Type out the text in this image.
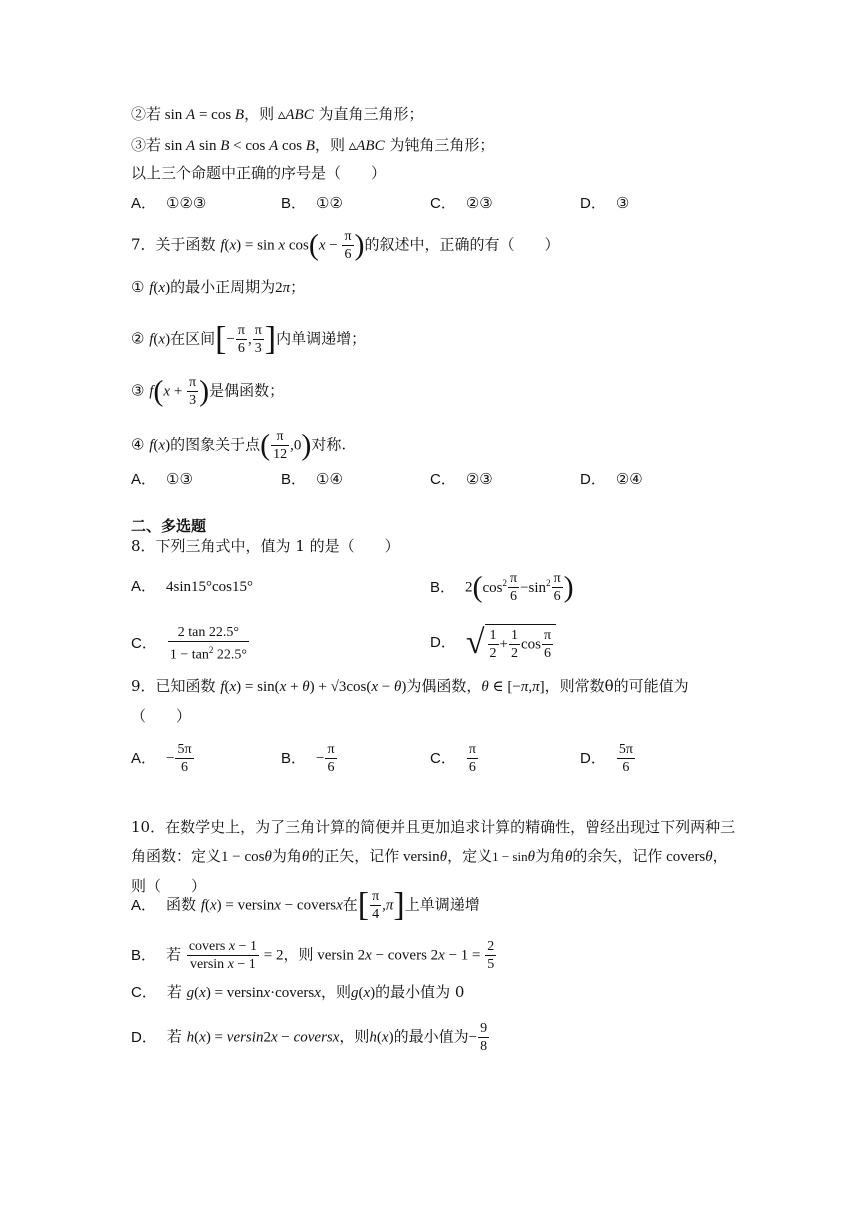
②若 sin A = cos B，则 ▵ABC 为直角三角形；
③若 sin A sin B < cos A cos B，则 ▵ABC 为钝角三角形；
以上三个命题中正确的序号是（　　）
A． ①②③	B． ①②	C． ②③	D． ③
7．关于函数 f(x) = sin x $\cos(x - \frac{\pi}{6}$ )的叙述中，正确的有（　　）
① f(x)的最小正周期为2π；
② f(x)在区间[− $\frac{\pi}{6}$ , $\frac{\pi}{3}$ ]内单调递增；
③ $f(x + \frac{\pi}{3}$ )是偶函数；
④ f(x)的图象关于点( $\frac{\pi}{12} ,0$)对称.
A． ①③	B． ①④	C． ②③	D． ②④
二、多选题
8．下列三角式中，值为 1 的是（　　）
A． 4sin15°cos15°	B． $2(\cos^2 \frac{\pi}{6} -\sin^2 \frac{\pi}{6}$ )
C． $\frac{2 \tan 22.5^\circ}{1 - \tan^2 22.5^\circ}$	D． √ $\frac{1}{2} + \frac{1}{2}$ $\cos \frac{\pi}{6}$
9．已知函数 f(x) = sin(x + θ) + √3cos(x − θ)为偶函数，θ ∈ [−π,π]，则常数θ的可能值为
（　　）
A． − $\frac{5\pi}{6}$	B． − $\frac{\pi}{6}$	C． $\frac{\pi}{6}$	D． $\frac{5\pi}{6}$
10．在数学史上，为了三角计算的简便并且更加追求计算的精确性，曾经出现过下列两种三
角函数：定义1 − cosθ为角θ的正矢，记作 versinθ，定义1 − sinθ为角θ的余矢，记作 coversθ，
则（　　）
A． 函数 f(x) = versinx − coversx在[ $\frac{\pi}{4} ,\pi$]上单调递增
B． 若 $\frac{\text{covers x − 1}}{\text{versin x − 1}} = 2$，则 versin 2x − covers $2x - 1 = \frac{2}{5}$
C． 若 g(x) = versinx·coversx，则g(x)的最小值为 0
D． 若 h(x) = versin2x − coversx，则h(x)的最小值为− $\frac{9}{8}$
